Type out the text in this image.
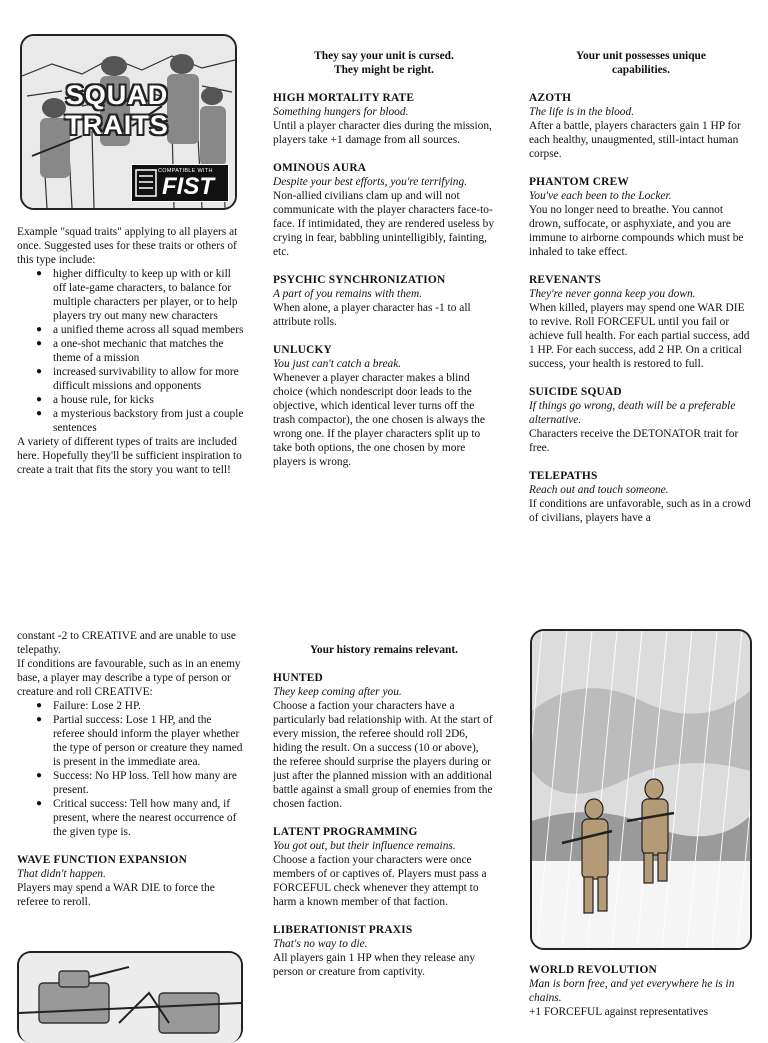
SQUAD
TRAITS
COMPATIBLE WITH
FIST

Example "squad traits" applying to all players at once. Suggested uses for these traits or others of this type include:

● higher difficulty to keep up with or kill off late-game characters, to balance for multiple characters per player, or to help players try out many new characters
● a unified theme across all squad members
● a one-shot mechanic that matches the theme of a mission
● increased survivability to allow for more difficult missions and opponents
● a house rule, for kicks
● a mysterious backstory from just a couple sentences

A variety of different types of traits are included here. Hopefully they'll be sufficient inspiration to create a trait that fits the story you want to tell!

They say your unit is cursed.

They might be right.

HIGH MORTALITY RATE

Something hungers for blood.

Until a player character dies during the mission, players take +1 damage from all sources.

OMINOUS AURA

Despite your best efforts, you're terrifying.

Non-allied civilians clam up and will not communicate with the player characters face-to-face. If intimidated, they are rendered useless by crying in fear, babbling unintelligibly, fainting, etc.

PSYCHIC SYNCHRONIZATION

A part of you remains with them.

When alone, a player character has -1 to all attribute rolls.

UNLUCKY

You just can't catch a break.

Whenever a player character makes a blind choice (which nondescript door leads to the objective, which identical lever turns off the trash compactor), the one chosen is always the wrong one. If the player characters split up to take both options, the one chosen by more players is wrong.

Your unit possesses unique

capabilities.

AZOTH

The life is in the blood.

After a battle, players characters gain 1 HP for each healthy, unaugmented, still-intact human corpse.

PHANTOM CREW

You've each been to the Locker.

You no longer need to breathe. You cannot drown, suffocate, or asphyxiate, and you are immune to airborne compounds which must be inhaled to take effect.

REVENANTS

They're never gonna keep you down.

When killed, players may spend one WAR DIE to revive. Roll FORCEFUL until you fail or achieve full health. For each partial success, add 1 HP. For each success, add 2 HP. On a critical success, your health is restored to full.

SUICIDE SQUAD

If things go wrong, death will be a preferable alternative.

Characters receive the DETONATOR trait for free.

TELEPATHS

Reach out and touch someone.

If conditions are unfavorable, such as in a crowd of civilians, players have a

constant -2 to CREATIVE and are unable to use telepathy.

If conditions are favourable, such as in an enemy base, a player may describe a type of person or creature and roll CREATIVE:

● Failure: Lose 2 HP.
● Partial success: Lose 1 HP, and the referee should inform the player whether the type of person or creature they named is present in the immediate area.
● Success: No HP loss. Tell how many are present.
● Critical success: Tell how many and, if present, where the nearest occurrence of the given type is.

WAVE FUNCTION EXPANSION

That didn't happen.

Players may spend a WAR DIE to force the referee to reroll.

Your history remains relevant.

HUNTED

They keep coming after you.

Choose a faction your characters have a particularly bad relationship with. At the start of every mission, the referee should roll 2D6, hiding the result. On a success (10 or above), the referee should surprise the players during or just after the planned mission with an additional battle against a small group of enemies from the chosen faction.

LATENT PROGRAMMING

You got out, but their influence remains.

Choose a faction your characters were once members of or captives of. Players must pass a FORCEFUL check whenever they attempt to harm a known member of that faction.

LIBERATIONIST PRAXIS

That's no way to die.

All players gain 1 HP when they release any person or creature from captivity.	WORLD REVOLUTION

Man is born free, and yet everywhere he is in chains.

+1 FORCEFUL against representatives
